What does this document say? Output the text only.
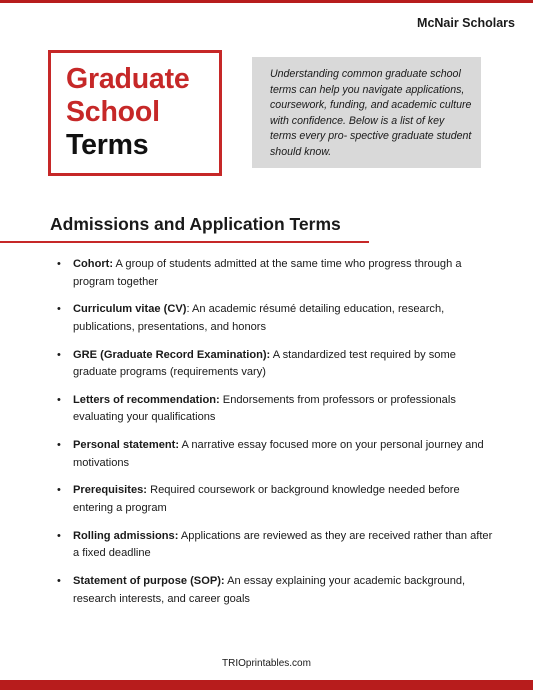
McNair Scholars
Graduate
School
Terms
Understanding common graduate school terms can help you navigate applications, coursework, funding, and academic culture with confidence. Below is a list of key terms every pro- spective graduate student should know.
Admissions and Application Terms
• Cohort: A group of students admitted at the same time who progress through a program together
• Curriculum vitae (CV): An academic résumé detailing education, research, publications, presentations, and honors
• GRE (Graduate Record Examination): A standardized test required by some graduate programs (requirements vary)
• Letters of recommendation: Endorsements from professors or professionals evaluating your qualifications
• Personal statement: A narrative essay focused more on your personal journey and motivations
• Prerequisites: Required coursework or background knowledge needed before entering a program
• Rolling admissions: Applications are reviewed as they are received rather than after a fixed deadline
• Statement of purpose (SOP): An essay explaining your academic background, research interests, and career goals
TRIOprintables.com
